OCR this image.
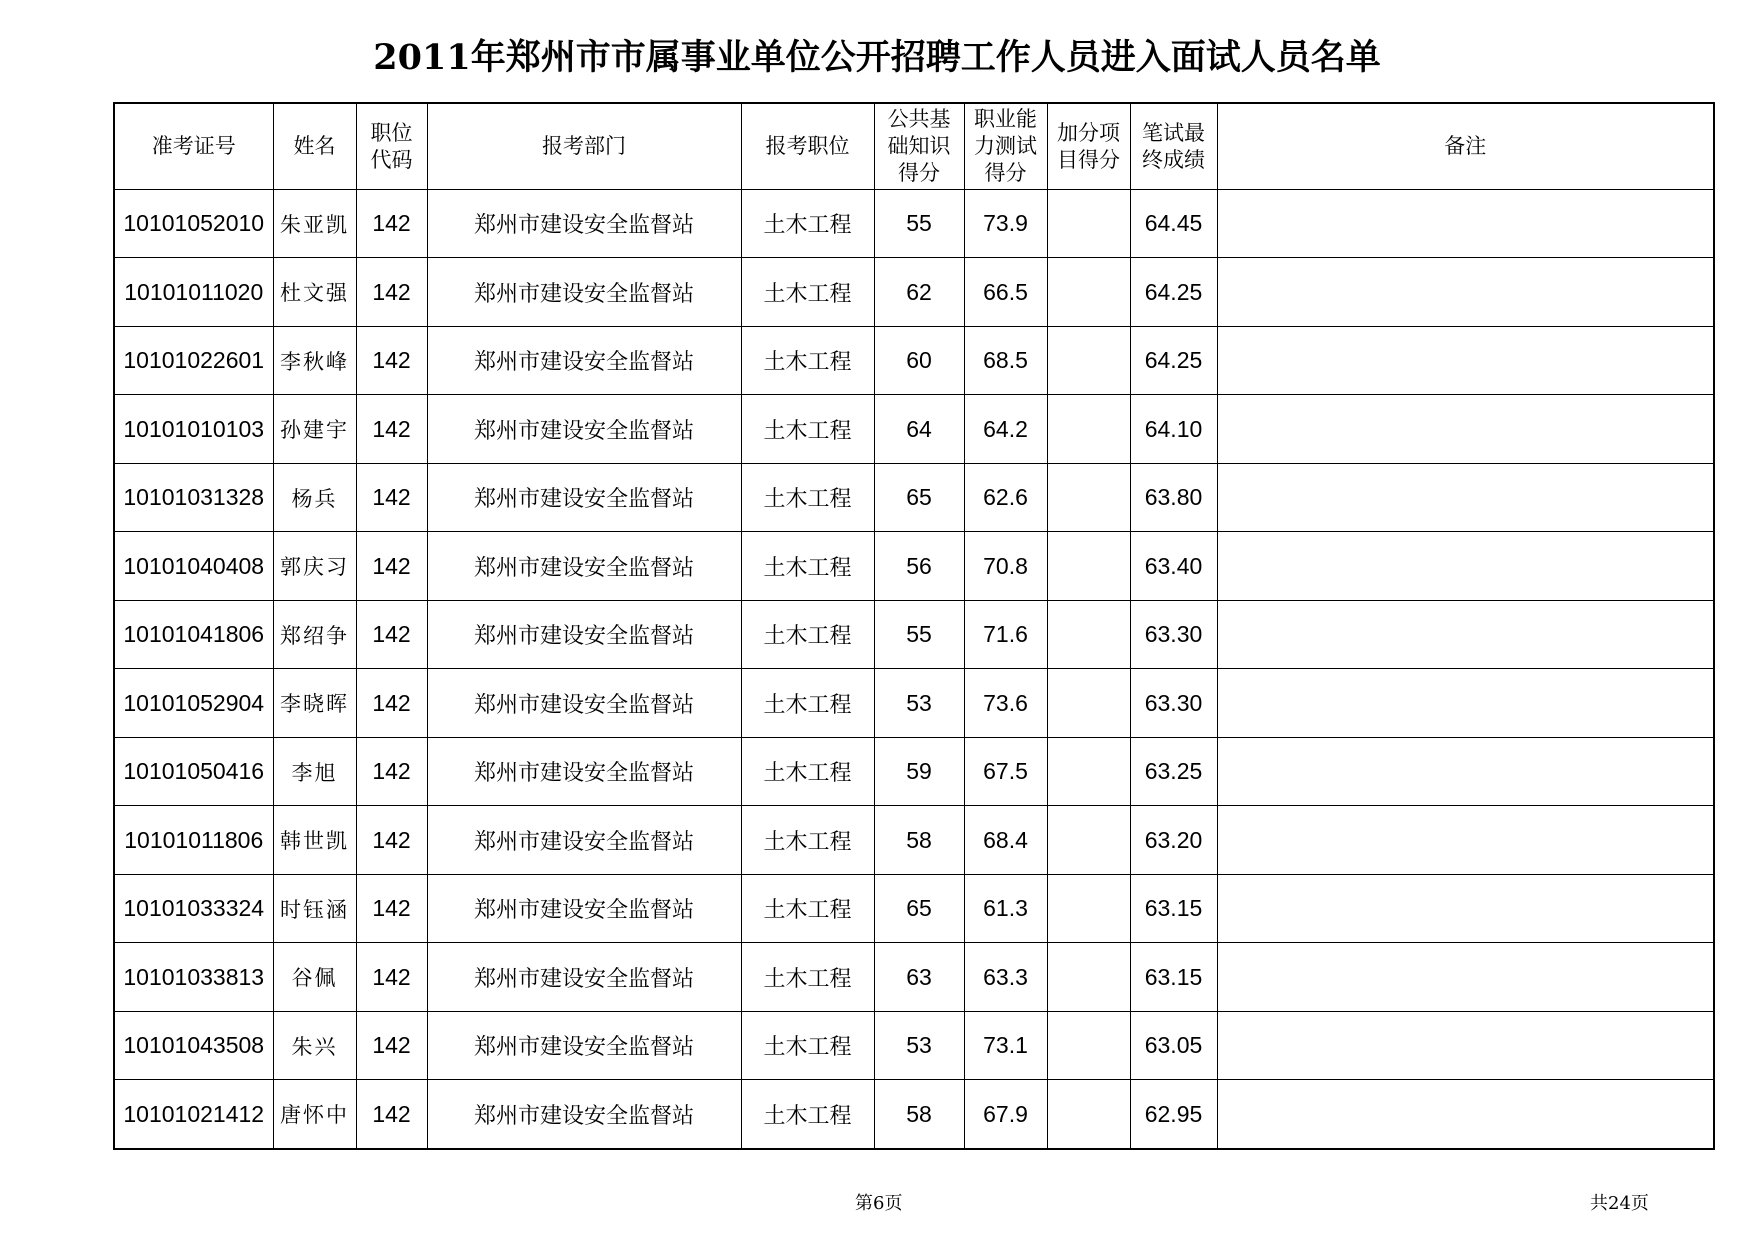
2011年郑州市市属事业单位公开招聘工作人员进入面试人员名单
准考证号	姓名	职位代码	报考部门	报考职位	公共基础知识得分	职业能力测试得分	加分项目得分	笔试最终成绩	备注
10101052010	朱亚凯	142	郑州市建设安全监督站	土木工程	55	73.9		64.45	
10101011020	杜文强	142	郑州市建设安全监督站	土木工程	62	66.5		64.25	
10101022601	李秋峰	142	郑州市建设安全监督站	土木工程	60	68.5		64.25	
10101010103	孙建宇	142	郑州市建设安全监督站	土木工程	64	64.2		64.10	
10101031328	杨兵	142	郑州市建设安全监督站	土木工程	65	62.6		63.80	
10101040408	郭庆习	142	郑州市建设安全监督站	土木工程	56	70.8		63.40	
10101041806	郑绍争	142	郑州市建设安全监督站	土木工程	55	71.6		63.30	
10101052904	李晓晖	142	郑州市建设安全监督站	土木工程	53	73.6		63.30	
10101050416	李旭	142	郑州市建设安全监督站	土木工程	59	67.5		63.25	
10101011806	韩世凯	142	郑州市建设安全监督站	土木工程	58	68.4		63.20	
10101033324	时钰涵	142	郑州市建设安全监督站	土木工程	65	61.3		63.15	
10101033813	谷佩	142	郑州市建设安全监督站	土木工程	63	63.3		63.15	
10101043508	朱兴	142	郑州市建设安全监督站	土木工程	53	73.1		63.05	
10101021412	唐怀中	142	郑州市建设安全监督站	土木工程	58	67.9		62.95	
第6页	共24页
